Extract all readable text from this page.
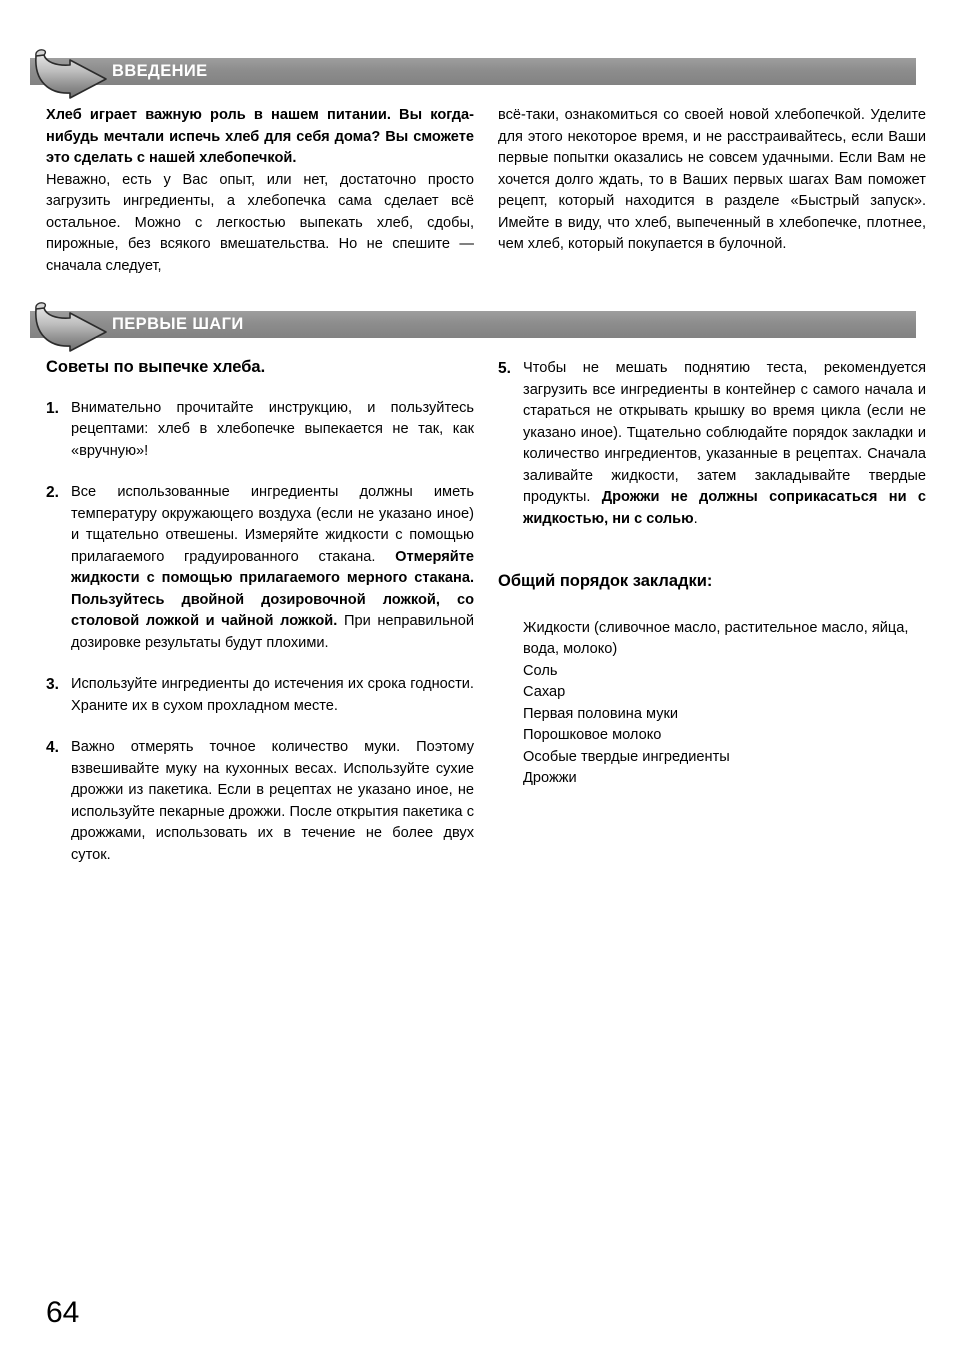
ВВЕДЕНИЕ

Хлеб играет важную роль в нашем питании. Вы когда-нибудь мечтали испечь хлеб для себя дома? Вы сможете это сделать с нашей хлебопечкой.

Неважно, есть у Вас опыт, или нет, достаточно просто загрузить ингредиенты, а хлебопечка сама сделает всё остальное. Можно с легкостью выпекать хлеб, сдобы, пирожные, без всякого вмешательства. Но не спешите — сначала следует,

всё-таки, ознакомиться со своей новой хлебопечкой. Уделите для этого некоторое время, и не расстраивайтесь, если Ваши первые попытки оказались не совсем удачными. Если Вам не хочется долго ждать, то в Ваших первых шагах Вам поможет рецепт, который находится в разделе «Быстрый запуск». Имейте в виду, что хлеб, выпеченный в хлебопечке, плотнее, чем хлеб, который покупается в булочной.

ПЕРВЫЕ ШАГИ
Советы по выпечке хлеба.
1. Внимательно прочитайте инструкцию, и пользуйтесь рецептами: хлеб в хлебопечке выпекается не так, как «вручную»!

2. Все использованные ингредиенты должны иметь температуру окружающего воздуха (если не указано иное) и тщательно отвешены. Измеряйте жидкости с помощью прилагаемого градуированного стакана. Отмеряйте жидкости с помощью прилагаемого мерного стакана. Пользуйтесь двойной дозировочной ложкой, со столовой ложкой и чайной ложкой. При неправильной дозировке результаты будут плохими.

3. Используйте ингредиенты до истечения их срока годности. Храните их в сухом прохладном месте.

4. Важно отмерять точное количество муки. Поэтому взвешивайте муку на кухонных весах. Используйте сухие дрожжи из пакетика. Если в рецептах не указано иное, не используйте пекарные дрожжи. После открытия пакетика с дрожжами, использовать их в течение не более двух суток.

5. Чтобы не мешать поднятию теста, рекомендуется загрузить все ингредиенты в контейнер с самого начала и стараться не открывать крышку во время цикла (если не указано иное). Тщательно соблюдайте порядок закладки и количество ингредиентов, указанные в рецептах. Сначала заливайте жидкости, затем закладывайте твердые продукты. Дрожжи не должны соприкасаться ни с жидкостью, ни с солью.

Общий порядок закладки:
Жидкости (сливочное масло, растительное масло, яйца, вода, молоко)
Соль
Сахар
Первая половина муки
Порошковое молоко
Особые твердые ингредиенты
Дрожжи
64
